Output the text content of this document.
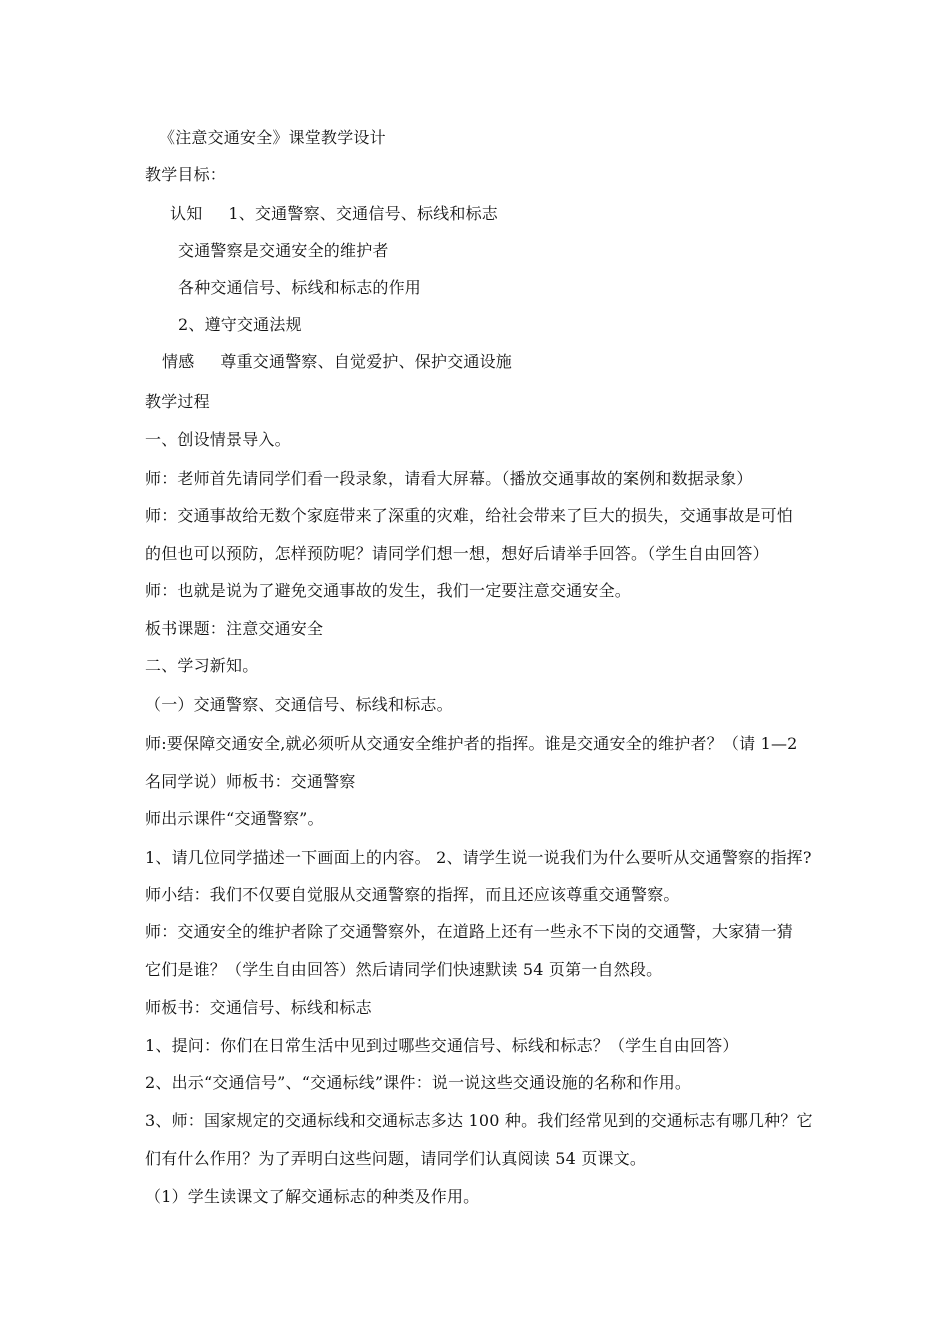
《注意交通安全》课堂教学设计
教学目标：
认知 1、交通警察、交通信号、标线和标志
交通警察是交通安全的维护者
各种交通信号、标线和标志的作用
2、遵守交通法规
情感 尊重交通警察、自觉爱护、保护交通设施
教学过程
一、创设情景导入。
师：老师首先请同学们看一段录象，请看大屏幕。（播放交通事故的案例和数据录象）
师：交通事故给无数个家庭带来了深重的灾难，给社会带来了巨大的损失，交通事故是可怕
的但也可以预防，怎样预防呢？请同学们想一想，想好后请举手回答。（学生自由回答）
师：也就是说为了避免交通事故的发生，我们一定要注意交通安全。
板书课题：注意交通安全
二、学习新知。
（一）交通警察、交通信号、标线和标志。
师:要保障交通安全,就必须听从交通安全维护者的指挥。谁是交通安全的维护者？（请 1—2
名同学说）师板书：交通警察
师出示课件“交通警察”。
1、请几位同学描述一下画面上的内容。 2、请学生说一说我们为什么要听从交通警察的指挥?
师小结：我们不仅要自觉服从交通警察的指挥，而且还应该尊重交通警察。
师：交通安全的维护者除了交通警察外，在道路上还有一些永不下岗的交通警，大家猜一猜
它们是谁？（学生自由回答）然后请同学们快速默读 54 页第一自然段。
师板书：交通信号、标线和标志
1、提问：你们在日常生活中见到过哪些交通信号、标线和标志？（学生自由回答）
2、出示“交通信号”、“交通标线”课件：说一说这些交通设施的名称和作用。
3、师：国家规定的交通标线和交通标志多达 100 种。我们经常见到的交通标志有哪几种？它
们有什么作用？为了弄明白这些问题，请同学们认真阅读 54 页课文。
（1）学生读课文了解交通标志的种类及作用。
